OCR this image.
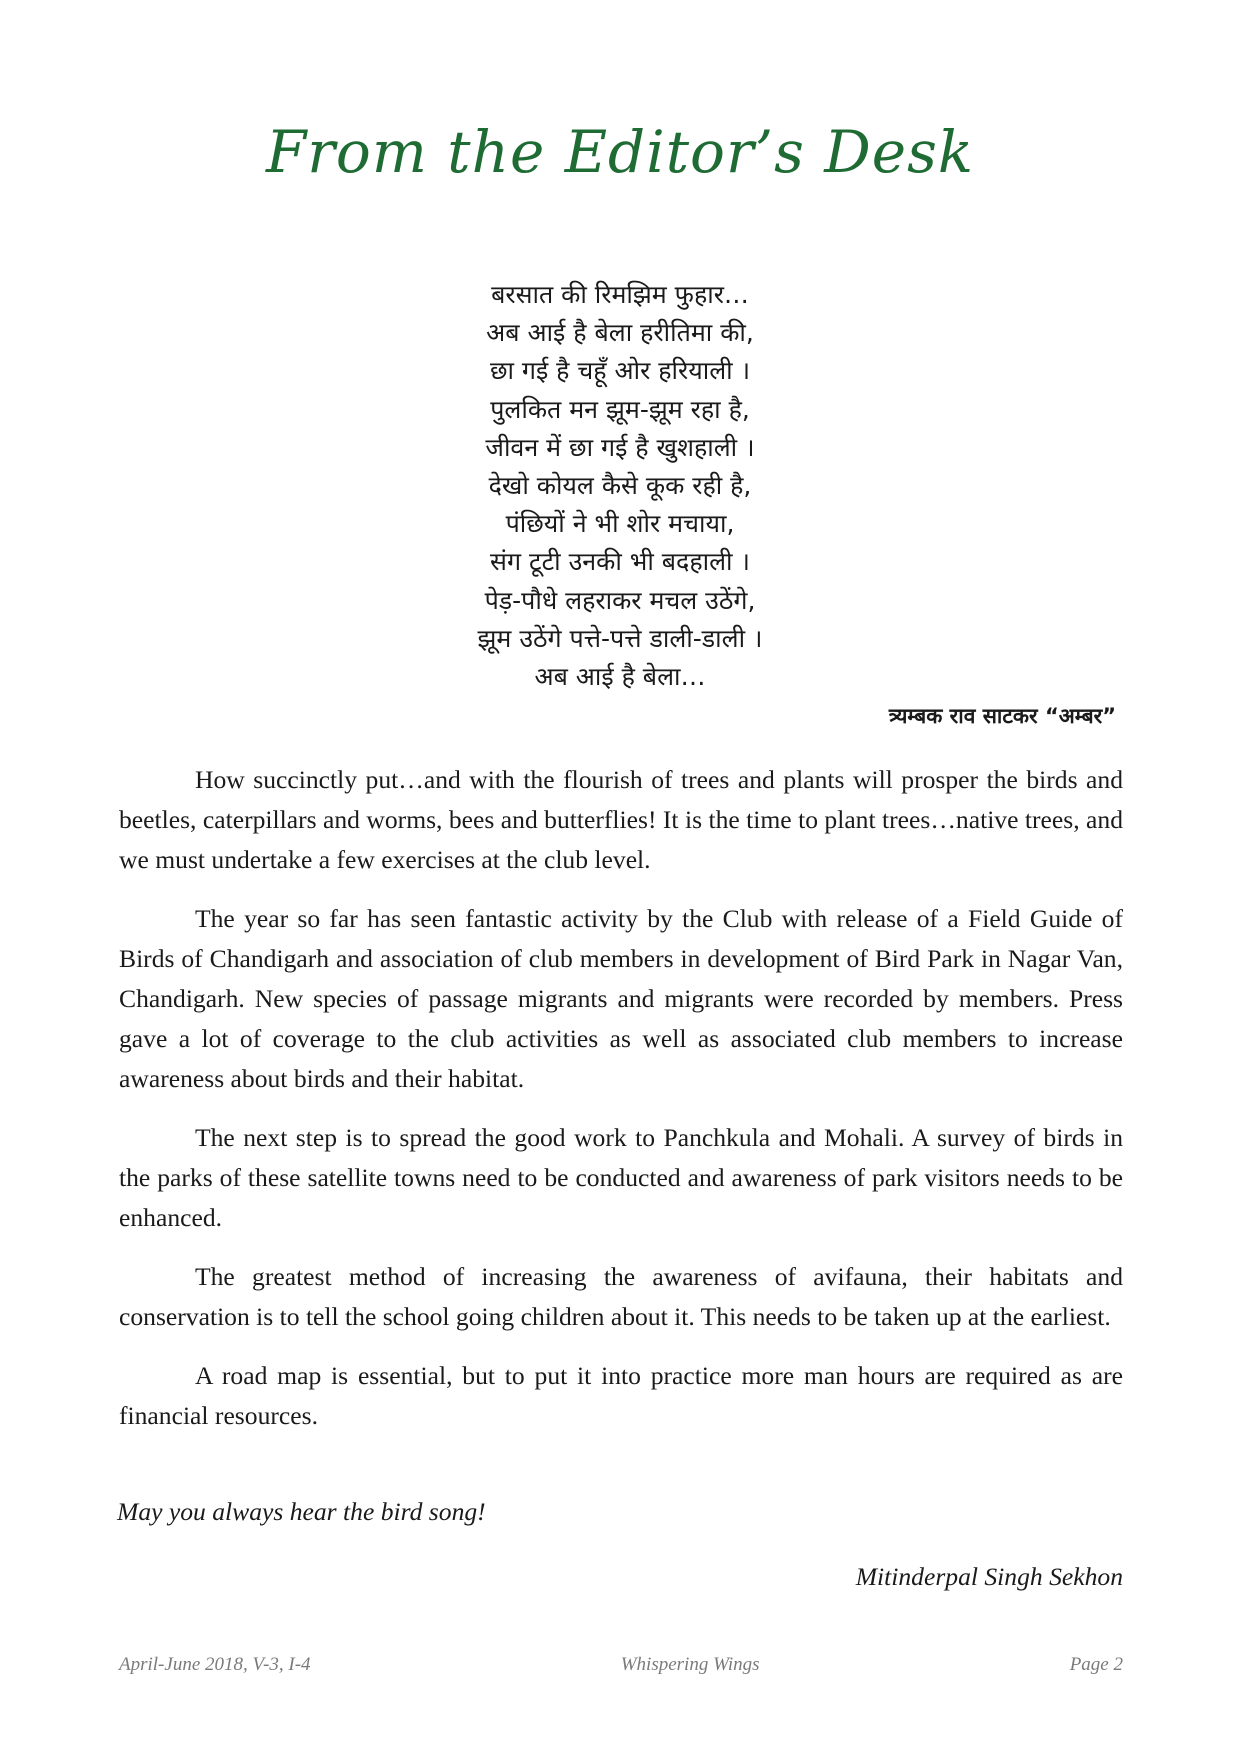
From the Editor’s Desk
बरसात की रिमझिम फुहार…
अब आई है बेला हरीतिमा की,
छा गई है चहूँ ओर हरियाली ।
पुलकित मन झूम-झूम रहा है,
जीवन में छा गई है खुशहाली ।
देखो कोयल कैसे कूक रही है,
पंछियों ने भी शोर मचाया,
संग टूटी उनकी भी बदहाली ।
पेड़-पौधे लहराकर मचल उठेंगे,
झूम उठेंगे पत्ते-पत्ते डाली-डाली ।
अब आई है बेला…
त्र्यम्बक राव साटकर “अम्बर”

How succinctly put…and with the flourish of trees and plants will prosper the birds and beetles, caterpillars and worms, bees and butterflies! It is the time to plant trees…native trees, and we must undertake a few exercises at the club level.

The year so far has seen fantastic activity by the Club with release of a Field Guide of Birds of Chandigarh and association of club members in development of Bird Park in Nagar Van, Chandigarh. New species of passage migrants and migrants were recorded by members. Press gave a lot of coverage to the club activities as well as associated club members to increase awareness about birds and their habitat.

The next step is to spread the good work to Panchkula and Mohali. A survey of birds in the parks of these satellite towns need to be conducted and awareness of park visitors needs to be enhanced.

The greatest method of increasing the awareness of avifauna, their habitats and conservation is to tell the school going children about it. This needs to be taken up at the earliest.

A road map is essential, but to put it into practice more man hours are required as are financial resources.

May you always hear the bird song!
Mitinderpal Singh Sekhon
April-June 2018, V-3, I-4	Whispering Wings	Page 2
